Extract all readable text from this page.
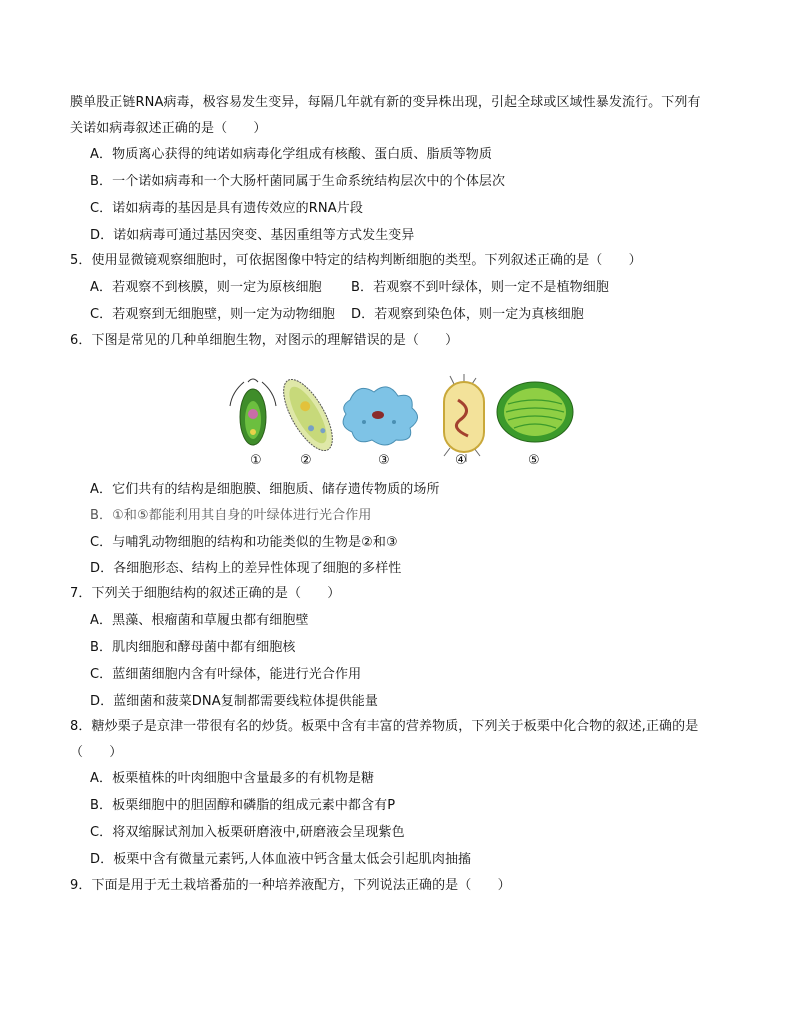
膜单股正链RNA病毒，极容易发生变异，每隔几年就有新的变异株出现，引起全球或区域性暴发流行。下列有
关诺如病毒叙述正确的是（　　）
A．物质离心获得的纯诺如病毒化学组成有核酸、蛋白质、脂质等物质
B．一个诺如病毒和一个大肠杆菌同属于生命系统结构层次中的个体层次
C．诺如病毒的基因是具有遗传效应的RNA片段
D．诺如病毒可通过基因突变、基因重组等方式发生变异
5．使用显微镜观察细胞时，可依据图像中特定的结构判断细胞的类型。下列叙述正确的是（　　）
A．若观察不到核膜，则一定为原核细胞 B．若观察不到叶绿体，则一定不是植物细胞
C．若观察到无细胞壁，则一定为动物细胞 D．若观察到染色体，则一定为真核细胞
6．下图是常见的几种单细胞生物，对图示的理解错误的是（　　）
①	②	③	④	⑤
A．它们共有的结构是细胞膜、细胞质、储存遗传物质的场所
B．①和⑤都能利用其自身的叶绿体进行光合作用
C．与哺乳动物细胞的结构和功能类似的生物是②和③
D．各细胞形态、结构上的差异性体现了细胞的多样性
7．下列关于细胞结构的叙述正确的是（　　）
A．黑藻、根瘤菌和草履虫都有细胞壁
B．肌肉细胞和酵母菌中都有细胞核
C．蓝细菌细胞内含有叶绿体，能进行光合作用
D．蓝细菌和菠菜DNA复制都需要线粒体提供能量
8．糖炒栗子是京津一带很有名的炒货。板栗中含有丰富的营养物质，下列关于板栗中化合物的叙述,正确的是
（　　）
A．板栗植株的叶肉细胞中含量最多的有机物是糖
B．板栗细胞中的胆固醇和磷脂的组成元素中都含有P
C．将双缩脲试剂加入板栗研磨液中,研磨液会呈现紫色
D．板栗中含有微量元素钙,人体血液中钙含量太低会引起肌肉抽搐
9．下面是用于无土栽培番茄的一种培养液配方，下列说法正确的是（　　）
